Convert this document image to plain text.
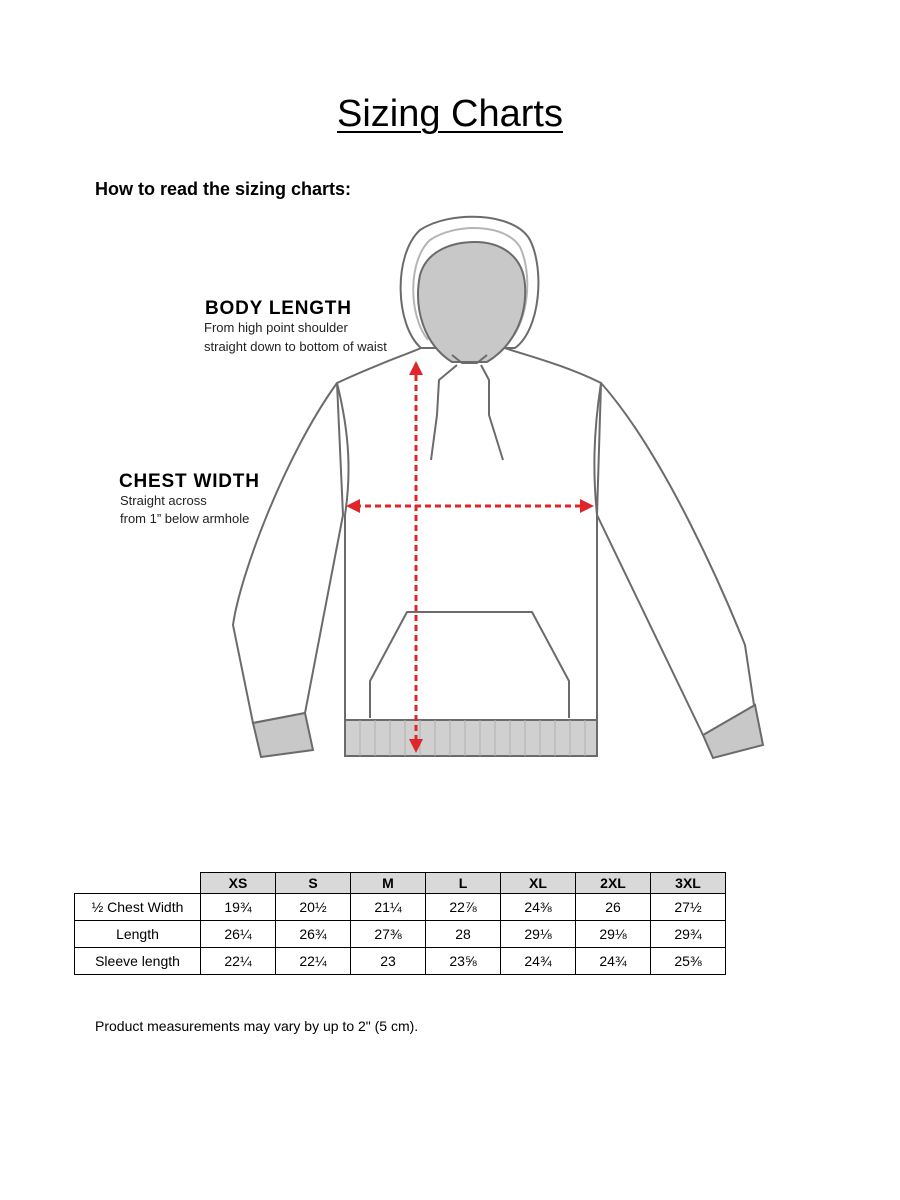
Sizing Charts
How to read the sizing charts:
BODY LENGTH
From high point shoulder
straight down to bottom of waist
CHEST WIDTH
Straight across
from 1” below armhole
	XS	S	M	L	XL	2XL	3XL
½ Chest Width	19¾	20½	21¼	22⅞	24⅜	26	27½
Length	26¼	26¾	27⅜	28	29⅛	29⅛	29¾
Sleeve length	22¼	22¼	23	23⅝	24¾	24¾	25⅜
Product measurements may vary by up to 2" (5 cm).
